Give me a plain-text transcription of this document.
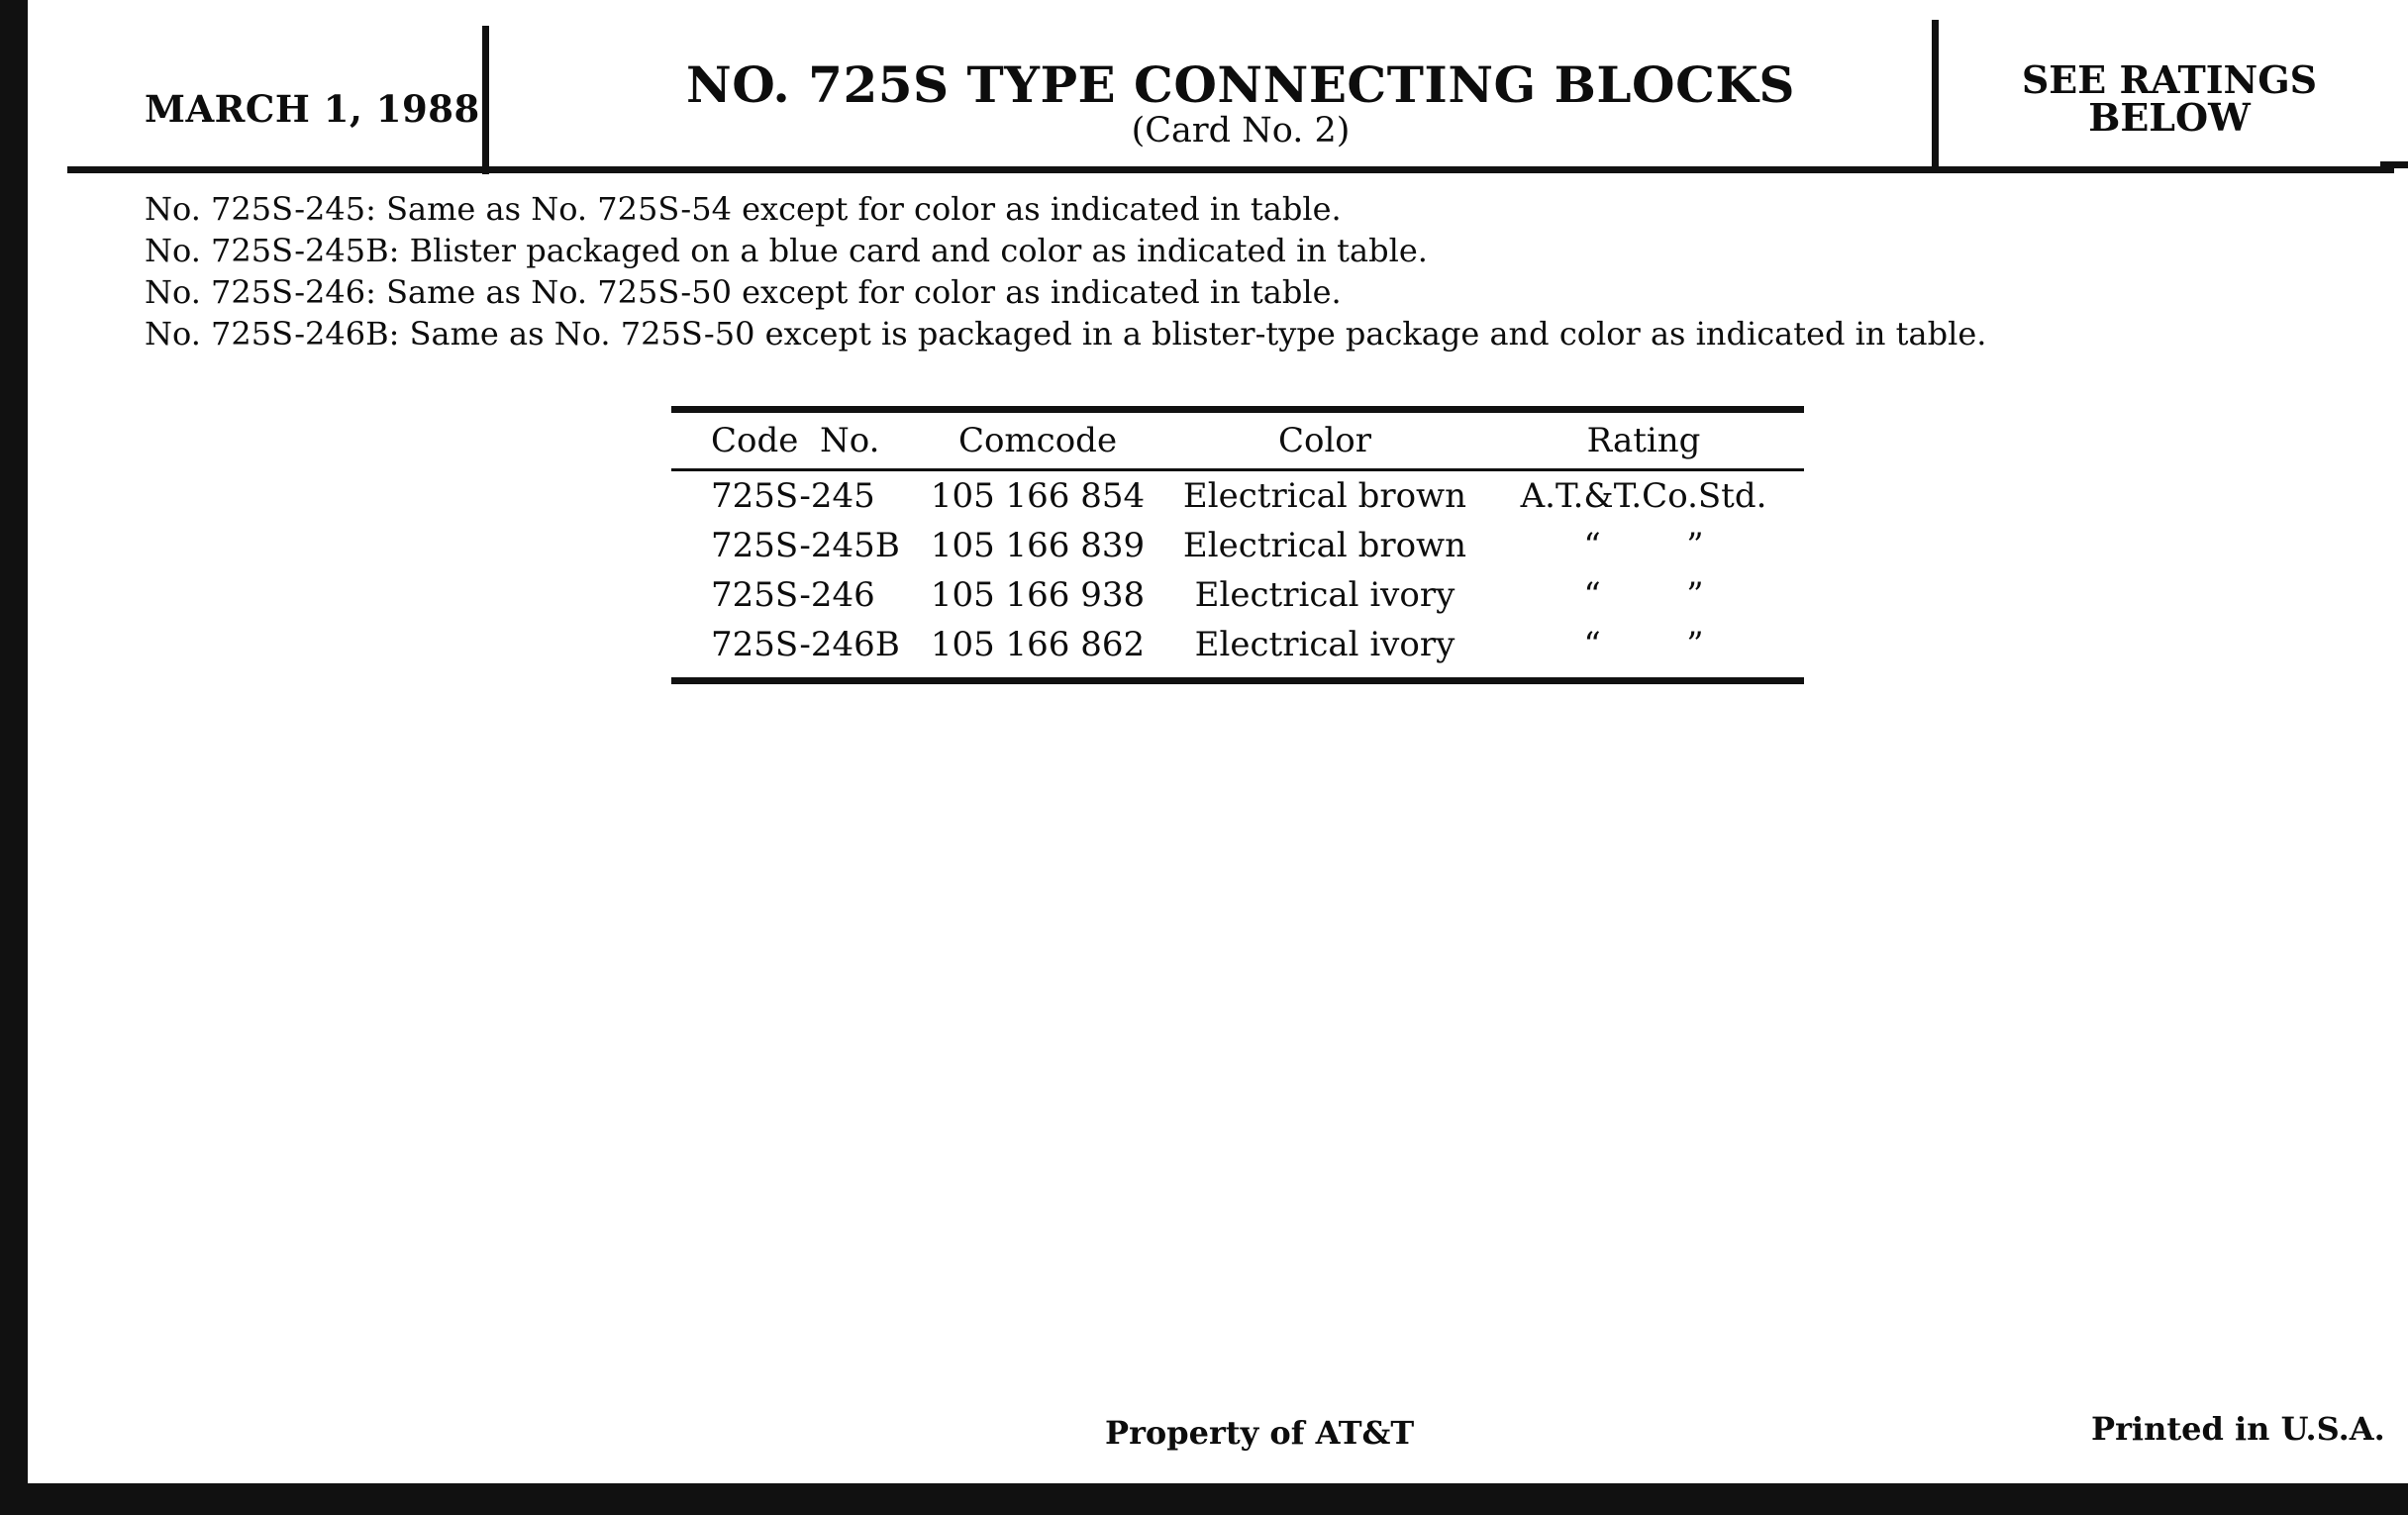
MARCH 1, 1988	NO. 725S TYPE CONNECTING BLOCKS
(Card No. 2)
SEE RATINGS
BELOW
No. 725S-245: Same as No. 725S-54 except for color as indicated in table.
No. 725S-245B: Blister packaged on a blue card and color as indicated in table.
No. 725S-246: Same as No. 725S-50 except for color as indicated in table.
No. 725S-246B: Same as No. 725S-50 except is packaged in a blister-type package and color as indicated in table.
Code  No.	Comcode	Color	Rating
725S-245	105 166 854	Electrical brown	A.T.&T.Co.Std.
725S-245B 105 166 839	Electrical brown	“        ”
725S-246	105 166 938	Electrical ivory	“        ”
725S-246B 105 166 862	Electrical ivory	“        ”
Property of AT&T	Printed in U.S.A.
